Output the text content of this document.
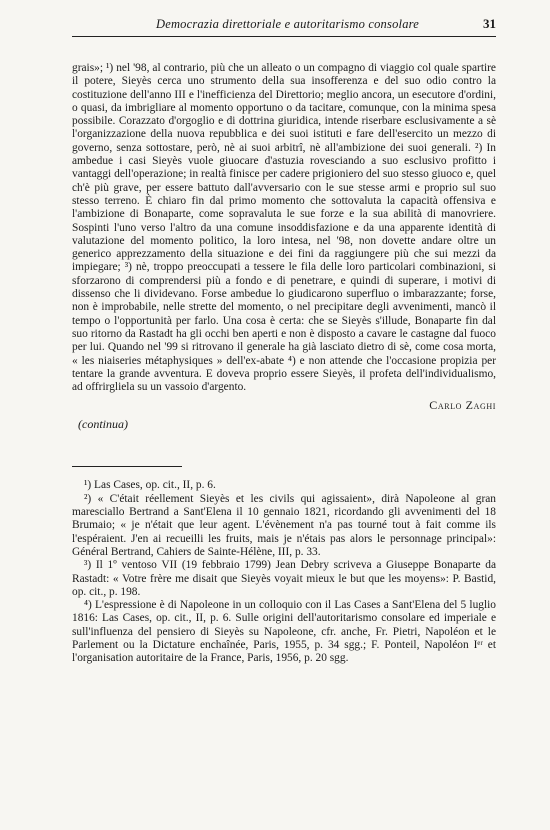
Democrazia direttoriale e autoritarismo consolare	31

grais»; ¹) nel '98, al contrario, più che un alleato o un compagno di viaggio col quale spartire il potere, Sieyès cerca uno strumento della sua insofferenza e del suo odio contro la costituzione dell'anno III e l'inefficienza del Direttorio; meglio ancora, un esecutore d'ordini, o quasi, da imbrigliare al momento opportuno o da tacitare, comunque, con la minima spesa possibile. Corazzato d'orgoglio e di dottrina giuridica, intende riserbare esclusivamente a sè l'organizzazione della nuova repubblica e dei suoi istituti e fare dell'esercito un mezzo di governo, senza sottostare, però, nè ai suoi arbitrî, nè all'ambizione dei suoi generali. ²) In ambedue i casi Sieyès vuole giuocare d'astuzia rovesciando a suo esclusivo profitto i vantaggi dell'operazione; in realtà finisce per cadere prigioniero del suo stesso giuoco e, quel ch'è più grave, per essere battuto dall'avversario con le sue stesse armi e proprio sul suo stesso terreno. È chiaro fin dal primo momento che sottovaluta la capacità offensiva e l'ambizione di Bonaparte, come sopravaluta le sue forze e la sua abilità di manovriere. Sospinti l'uno verso l'altro da una comune insoddisfazione e da una apparente identità di valutazione del momento politico, la loro intesa, nel '98, non dovette andare oltre un generico apprezzamento della situazione e dei fini da raggiungere più che sui mezzi da impiegare; ³) nè, troppo preoccupati a tessere le fila delle loro particolari combinazioni, si sforzarono di comprendersi più a fondo e di penetrare, e quindi di superare, i motivi di dissenso che li dividevano. Forse ambedue lo giudicarono superfluo o imbarazzante; forse, non è improbabile, nelle strette del momento, o nel precipitare degli avvenimenti, mancò il tempo o l'opportunità per farlo. Una cosa è certa: che se Sieyès s'illude, Bonaparte fin dal suo ritorno da Rastadt ha gli occhi ben aperti e non è disposto a cavare le castagne dal fuoco per lui. Quando nel '99 si ritrovano il generale ha già lasciato dietro di sè, come cosa morta, « les niaiseries métaphysiques » dell'ex-abate ⁴) e non attende che l'occasione propizia per tentare la grande avventura. E doveva proprio essere Sieyès, il profeta dell'individualismo, ad offrirgliela su un vassoio d'argento.

Carlo Zaghi
(continua)

¹) Las Cases, op. cit., II, p. 6.

²) « C'était réellement Sieyès et les civils qui agissaient», dirà Napoleone al gran maresciallo Bertrand a Sant'Elena il 10 gennaio 1821, ricordando gli avvenimenti del 18 Brumaio; « je n'était que leur agent. L'évènement n'a pas tourné tout à fait comme ils l'espéraient. J'en ai recueilli les fruits, mais je n'étais pas alors le personnage principal»: Général Bertrand, Cahiers de Sainte-Hélène, III, p. 33.

³) Il 1º ventoso VII (19 febbraio 1799) Jean Debry scriveva a Giuseppe Bonaparte da Rastadt: « Votre frère me disait que Sieyès voyait mieux le but que les moyens»: P. Bastid, op. cit., p. 198.

⁴) L'espressione è di Napoleone in un colloquio con il Las Cases a Sant'Elena del 5 luglio 1816: Las Cases, op. cit., II, p. 6. Sulle origini dell'autoritarismo consolare ed imperiale e sull'influenza del pensiero di Sieyès su Napoleone, cfr. anche, Fr. Pietri, Napoléon et le Parlement ou la Dictature enchaînée, Paris, 1955, p. 34 sgg.; F. Ponteil, Napoléon Iᵉʳ et l'organisation autoritaire de la France, Paris, 1956, p. 20 sgg.
